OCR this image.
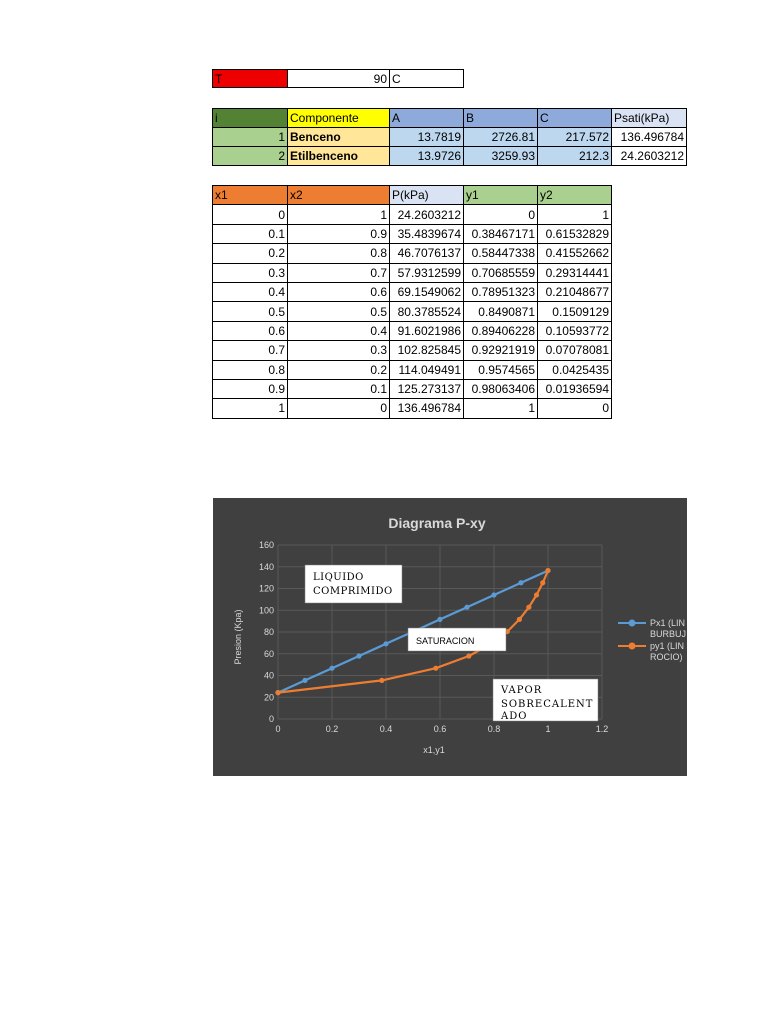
T	90	C
i	Componente	A	B	C	Psati(kPa)
1	Benceno	13.7819	2726.81	217.572	136.496784
2	Etilbenceno	13.9726	3259.93	212.3	24.2603212
x1	x2	P(kPa)	y1	y2
0	1	24.2603212	0	1
0.1	0.9	35.4839674	0.38467171	0.61532829
0.2	0.8	46.7076137	0.58447338	0.41552662
0.3	0.7	57.9312599	0.70685559	0.29314441
0.4	0.6	69.1549062	0.78951323	0.21048677
0.5	0.5	80.3785524	0.8490871	0.1509129
0.6	0.4	91.6021986	0.89406228	0.10593772
0.7	0.3	102.825845	0.92921919	0.07078081
0.8	0.2	114.049491	0.9574565	0.0425435
0.9	0.1	125.273137	0.98063406	0.01936594
1	0	136.496784	1	0
Diagrama P-xy
0
20
40
60
80
100
120
140
160
0	0.2	0.4	0.6	0.8	1	1.2
LIQUIDO
COMPRIMIDO
SATURACION
VAPOR
SOBRECALENT
ADO
Px1 (LIN
BURBUJ
py1 (LIN
ROCIO)
x1,y1
Presion (Kpa)
